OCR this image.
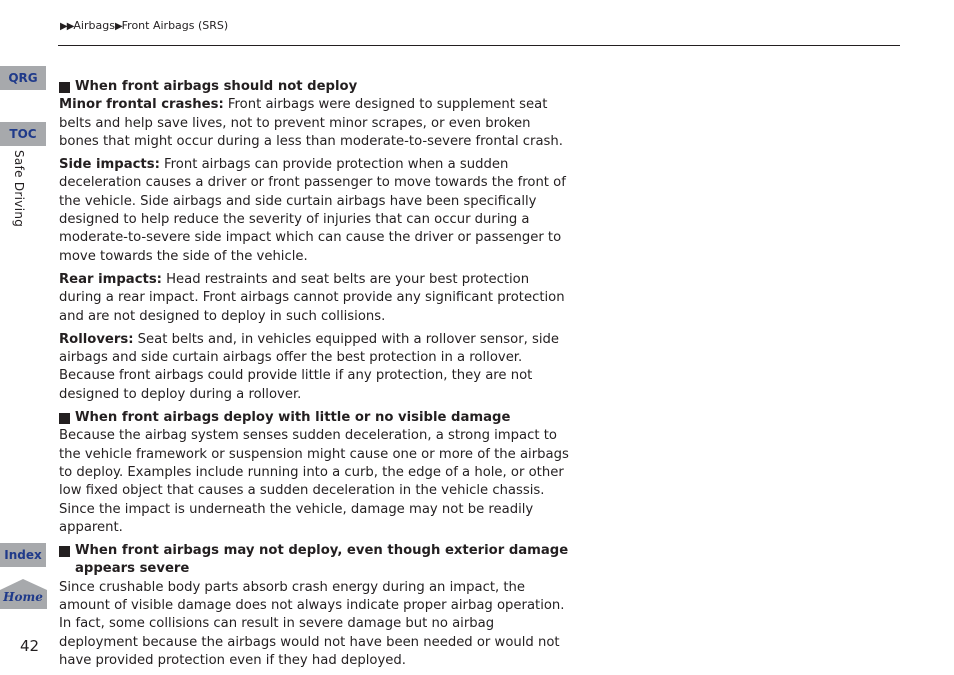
▶▶Airbags▶Front Airbags (SRS)
QRG
TOC
Safe Driving
Index
Home
42
When front airbags should not deploy

Minor frontal crashes: Front airbags were designed to supplement seat belts and help save lives, not to prevent minor scrapes, or even broken bones that might occur during a less than moderate-to-severe frontal crash.

Side impacts: Front airbags can provide protection when a sudden deceleration causes a driver or front passenger to move towards the front of the vehicle. Side airbags and side curtain airbags have been specifically designed to help reduce the severity of injuries that can occur during a moderate-to-severe side impact which can cause the driver or passenger to move towards the side of the vehicle.

Rear impacts: Head restraints and seat belts are your best protection during a rear impact. Front airbags cannot provide any significant protection and are not designed to deploy in such collisions.

Rollovers: Seat belts and, in vehicles equipped with a rollover sensor, side airbags and side curtain airbags offer the best protection in a rollover. Because front airbags could provide little if any protection, they are not designed to deploy during a rollover.

When front airbags deploy with little or no visible damage

Because the airbag system senses sudden deceleration, a strong impact to the vehicle framework or suspension might cause one or more of the airbags to deploy. Examples include running into a curb, the edge of a hole, or other low fixed object that causes a sudden deceleration in the vehicle chassis. Since the impact is underneath the vehicle, damage may not be readily apparent.

When front airbags may not deploy, even though exterior damage appears severe

Since crushable body parts absorb crash energy during an impact, the amount of visible damage does not always indicate proper airbag operation. In fact, some collisions can result in severe damage but no airbag deployment because the airbags would not have been needed or would not have provided protection even if they had deployed.
